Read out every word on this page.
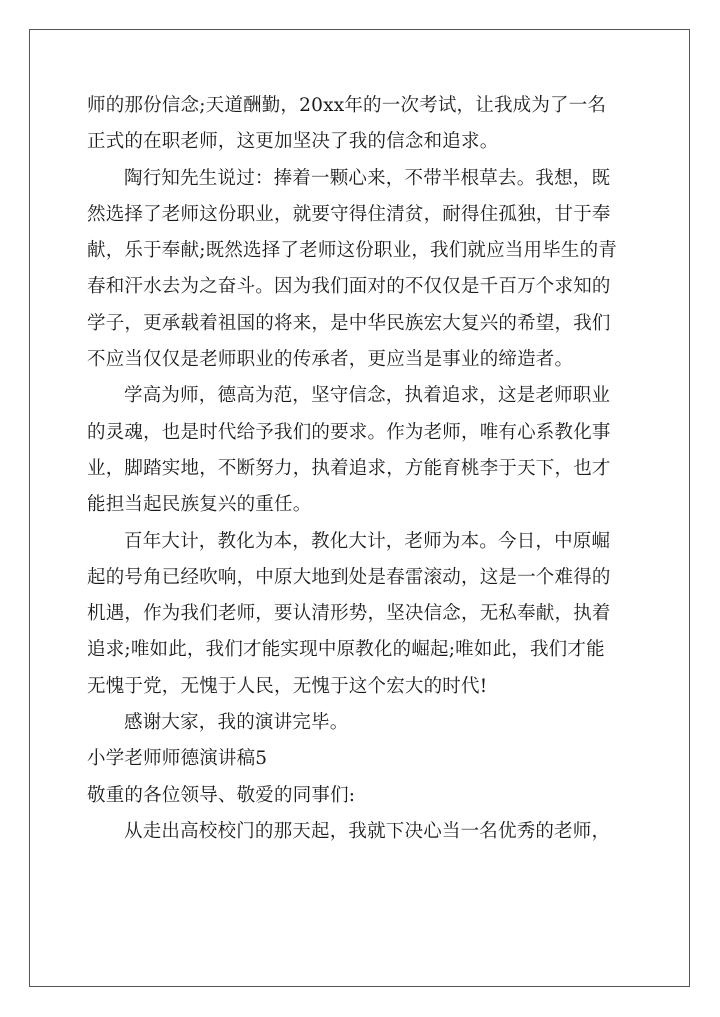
师的那份信念;天道酬勤，20xx年的一次考试，让我成为了一名
正式的在职老师，这更加坚决了我的信念和追求。
陶行知先生说过：捧着一颗心来，不带半根草去。我想，既
然选择了老师这份职业，就要守得住清贫，耐得住孤独，甘于奉
献，乐于奉献;既然选择了老师这份职业，我们就应当用毕生的青
春和汗水去为之奋斗。因为我们面对的不仅仅是千百万个求知的
学子，更承载着祖国的将来，是中华民族宏大复兴的希望，我们
不应当仅仅是老师职业的传承者，更应当是事业的缔造者。
学高为师，德高为范，坚守信念，执着追求，这是老师职业
的灵魂，也是时代给予我们的要求。作为老师，唯有心系教化事
业，脚踏实地，不断努力，执着追求，方能育桃李于天下，也才
能担当起民族复兴的重任。
百年大计，教化为本，教化大计，老师为本。今日，中原崛
起的号角已经吹响，中原大地到处是春雷滚动，这是一个难得的
机遇，作为我们老师，要认清形势，坚决信念，无私奉献，执着
追求;唯如此，我们才能实现中原教化的崛起;唯如此，我们才能
无愧于党，无愧于人民，无愧于这个宏大的时代!
感谢大家，我的演讲完毕。
小学老师师德演讲稿5
敬重的各位领导、敬爱的同事们:
从走出高校校门的那天起，我就下决心当一名优秀的老师，
